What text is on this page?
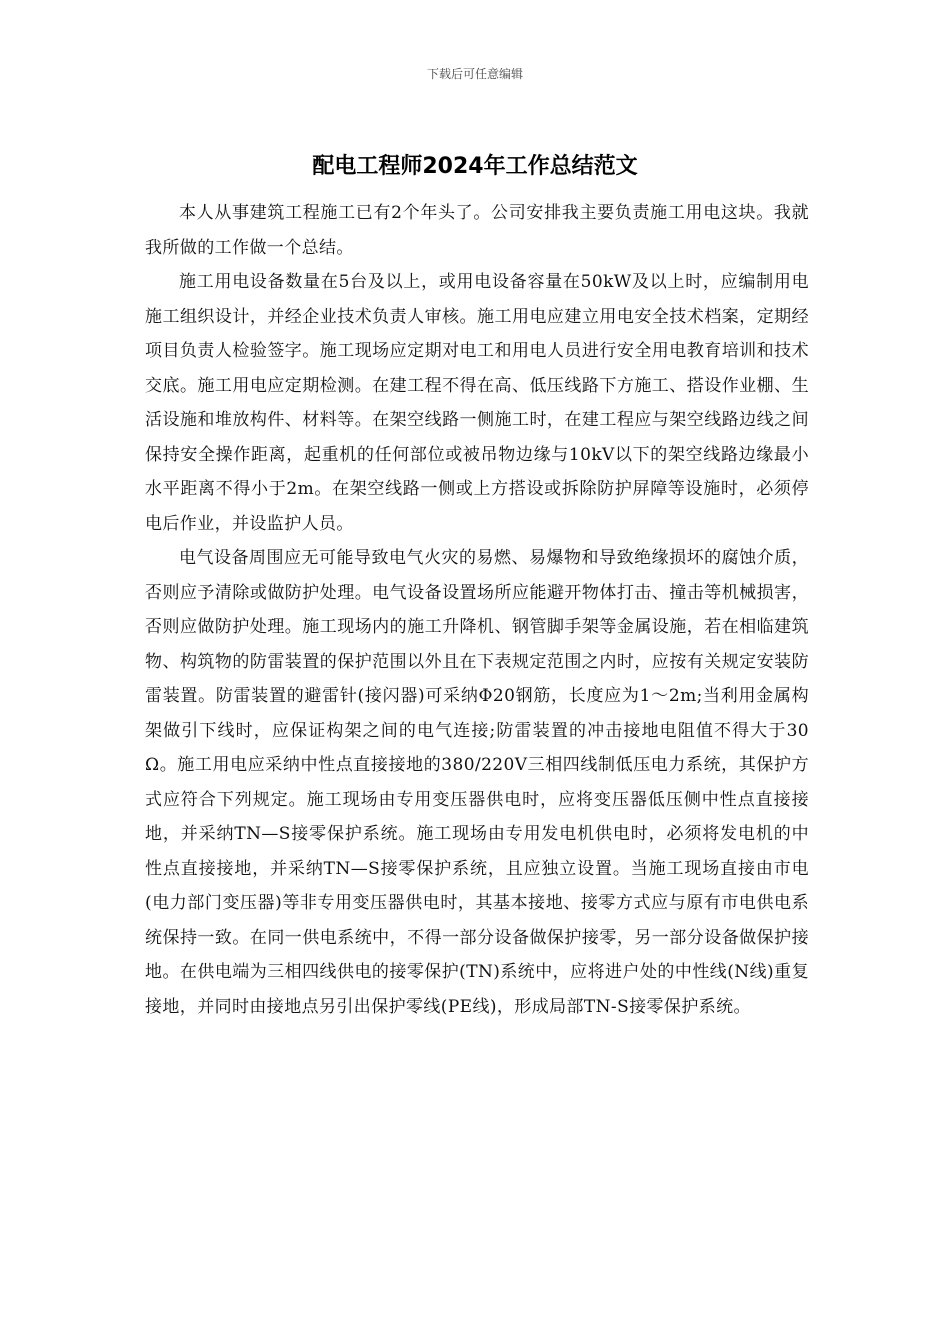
下载后可任意编辑
配电工程师2024年工作总结范文

本人从事建筑工程施工已有2个年头了。公司安排我主要负责施工用电这块。我就我所做的工作做一个总结。

施工用电设备数量在5台及以上，或用电设备容量在50kW及以上时，应编制用电施工组织设计，并经企业技术负责人审核。施工用电应建立用电安全技术档案，定期经项目负责人检验签字。施工现场应定期对电工和用电人员进行安全用电教育培训和技术交底。施工用电应定期检测。在建工程不得在高、低压线路下方施工、搭设作业棚、生活设施和堆放构件、材料等。在架空线路一侧施工时，在建工程应与架空线路边线之间保持安全操作距离，起重机的任何部位或被吊物边缘与10kV以下的架空线路边缘最小水平距离不得小于2m。在架空线路一侧或上方搭设或拆除防护屏障等设施时，必须停电后作业，并设监护人员。

电气设备周围应无可能导致电气火灾的易燃、易爆物和导致绝缘损坏的腐蚀介质，否则应予清除或做防护处理。电气设备设置场所应能避开物体打击、撞击等机械损害，否则应做防护处理。施工现场内的施工升降机、钢管脚手架等金属设施，若在相临建筑物、构筑物的防雷装置的保护范围以外且在下表规定范围之内时，应按有关规定安装防雷装置。防雷装置的避雷针(接闪器)可采纳Φ20钢筋，长度应为1～2m;当利用金属构架做引下线时，应保证构架之间的电气连接;防雷装置的冲击接地电阻值不得大于30Ω。施工用电应采纳中性点直接接地的380/220V三相四线制低压电力系统，其保护方式应符合下列规定。施工现场由专用变压器供电时，应将变压器低压侧中性点直接接地，并采纳TN—S接零保护系统。施工现场由专用发电机供电时，必须将发电机的中性点直接接地，并采纳TN—S接零保护系统，且应独立设置。当施工现场直接由市电(电力部门变压器)等非专用变压器供电时，其基本接地、接零方式应与原有市电供电系统保持一致。在同一供电系统中，不得一部分设备做保护接零，另一部分设备做保护接地。在供电端为三相四线供电的接零保护(TN)系统中，应将进户处的中性线(N线)重复接地，并同时由接地点另引出保护零线(PE线)，形成局部TN-S接零保护系统。
